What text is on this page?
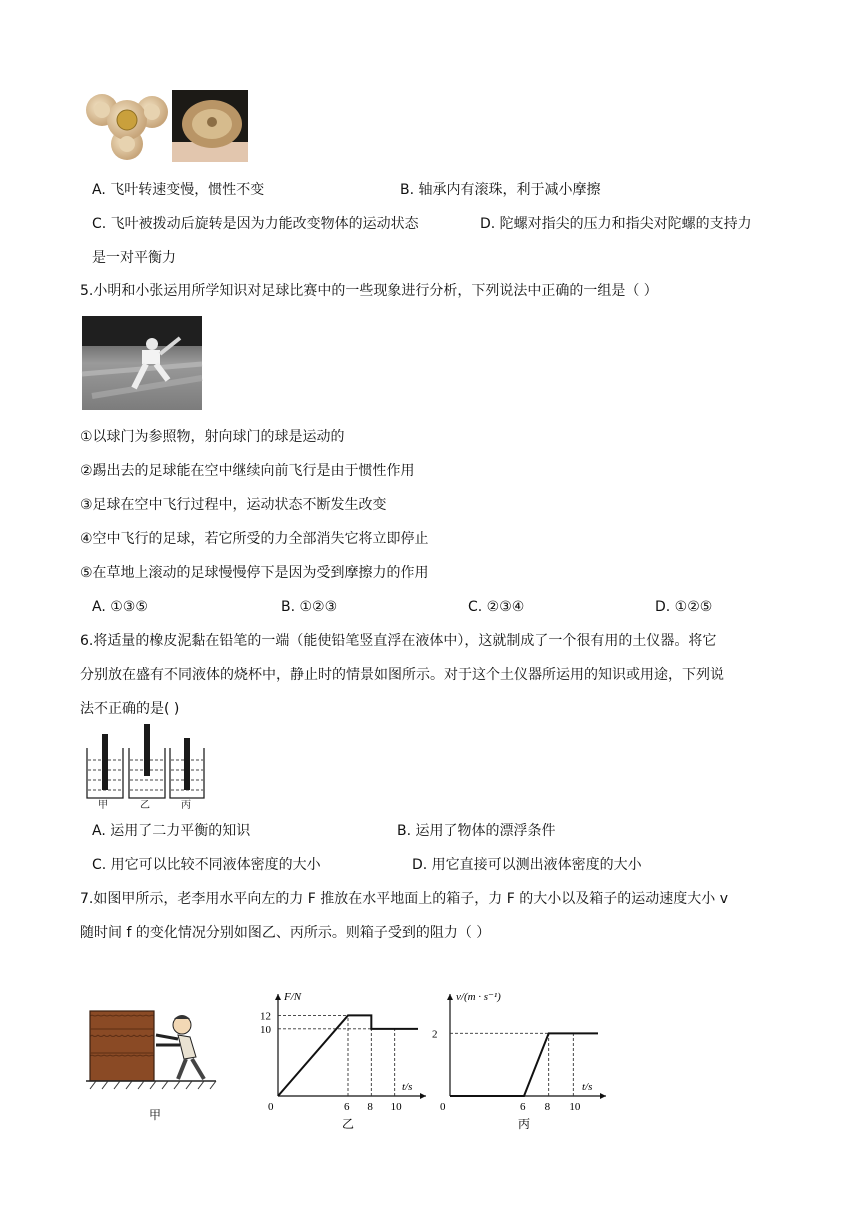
A. 飞叶转速变慢，惯性不变	B. 轴承内有滚珠，利于减小摩擦
C. 飞叶被拨动后旋转是因为力能改变物体的运动状态	D. 陀螺对指尖的压力和指尖对陀螺的支持力
是一对平衡力
5.小明和小张运用所学知识对足球比赛中的一些现象进行分析，下列说法中正确的一组是（ ）
①以球门为参照物，射向球门的球是运动的
②踢出去的足球能在空中继续向前飞行是由于惯性作用
③足球在空中飞行过程中，运动状态不断发生改变
④空中飞行的足球，若它所受的力全部消失它将立即停止
⑤在草地上滚动的足球慢慢停下是因为受到摩擦力的作用
A. ①③⑤	B. ①②③	C. ②③④	D. ①②⑤
6.将适量的橡皮泥黏在铅笔的一端（能使铅笔竖直浮在液体中），这就制成了一个很有用的土仪器。将它
分别放在盛有不同液体的烧杯中，静止时的情景如图所示。对于这个土仪器所运用的知识或用途，下列说
法不正确的是( )
甲	乙	丙
A. 运用了二力平衡的知识	B. 运用了物体的漂浮条件
C. 用它可以比较不同液体密度的大小	D. 用它直接可以测出液体密度的大小
7.如图甲所示，老李用水平向左的力 F 推放在水平地面上的箱子，力 F 的大小以及箱子的运动速度大小 v
随时间 f 的变化情况分别如图乙、丙所示。则箱子受到的阻力（ ）
甲
F/N
t/s
0	6 8 10
12
10
乙
v/(m · s⁻¹)
t/s
0	6 8 10
2
丙
